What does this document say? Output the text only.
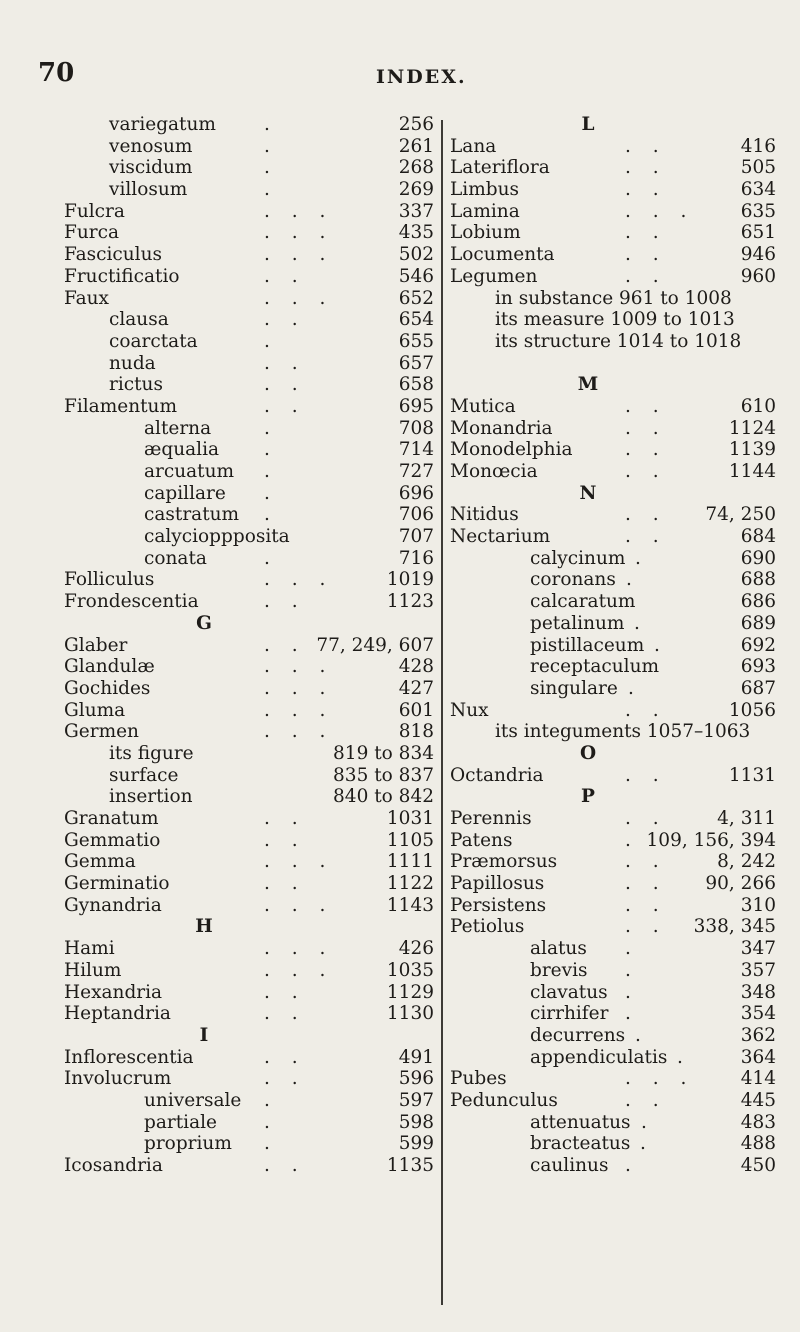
70	INDEX.
variegatum	.	256
venosum	.	261
viscidum	.	268
villosum	.	269
Fulcra	. . .	337
Furca	. . .	435
Fasciculus	. . .	502
Fructificatio	. .	546
Faux	. . .	652
clausa	. .	654
coarctata	.	655
nuda	. .	657
rictus	. .	658
Filamentum	. .	695
alterna	.	708
æqualia .	714
arcuatum .	727
capillare .	696
castratum .	706
calycioppposita	707
conata	.	716
Folliculus	. . .	1019
Frondescentia	. .	1123
G
Glaber	. . 77, 249, 607
Glandulæ	. . .	428
Gochides	. . .	427
Gluma	. . .	601
Germen	. . .	818
its figure	819 to 834
surface	835 to 837
insertion	840 to 842
Granatum	. .	1031
Gemmatio	. .	1105
Gemma	. . .	1111
Germinatio	. .	1122
Gynandria	. . .	1143
H
Hami	. . .	426
Hilum	. . .	1035
Hexandria	. .	1129
Heptandria	. .	1130
I
Inflorescentia	. .	491
Involucrum	. .	596
universale .	597
partiale	.	598
proprium .	599
Icosandria	. .	1135
L
Lana	. .	416
Lateriflora	. .	505
Limbus	. .	634
Lamina	. . .	635
Lobium	. .	651
Locumenta	. .	946
Legumen	. .	960
in substance 961 to 1008
its measure 1009 to 1013
its structure 1014 to 1018
M
Mutica	. .	610
Monandria	. .	1124
Monodelphia	. .	1139
Monœcia	. .	1144
N
Nitidus	. . 74, 250
Nectarium	. .	684
calycinum .	690
coronans .	688
calcaratum	686
petalinum .	689
pistillaceum .	692
receptaculum	693
singulare .	687
Nux	. .	1056
its integuments 1057–1063
O
Octandria	. .	1131
P
Perennis	. .	4, 311
Patens	. 109, 156, 394
Præmorsus	. .	8, 242
Papillosus	. . 90, 266
Persistens	. .	310
Petiolus	. . 338, 345
alatus .	347
brevis .	357
clavatus .	348
cirrhifer .	354
decurrens .	362
appendiculatis .	364
Pubes	. . .	414
Pedunculus	. .	445
attenuatus .	483
bracteatus .	488
caulinus .	450
